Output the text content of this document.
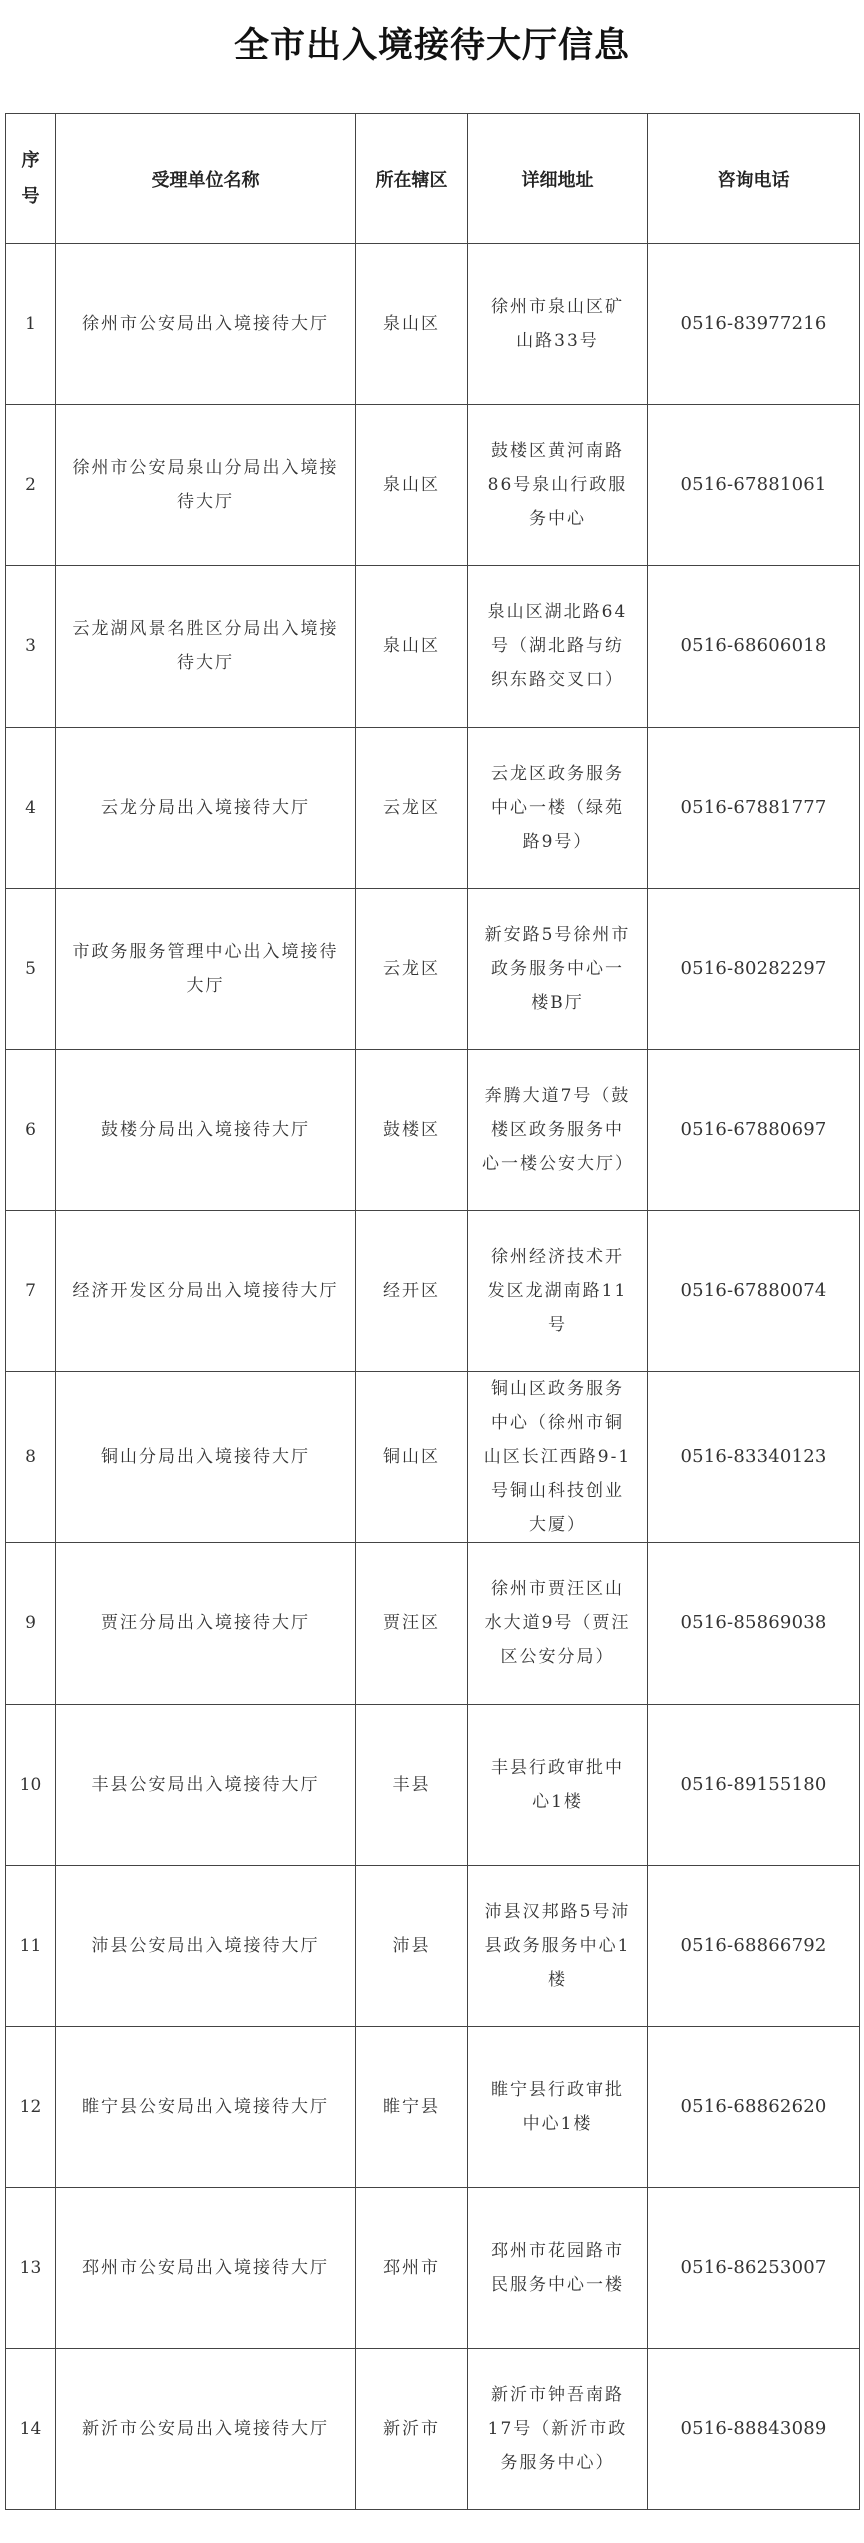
全市出入境接待大厅信息
序
号	受理单位名称	所在辖区	详细地址	咨询电话
1	徐州市公安局出入境接待大厅	泉山区	徐州市泉山区矿山路33号	0516-83977216
2	徐州市公安局泉山分局出入境接待大厅	泉山区	鼓楼区黄河南路86号泉山行政服务中心	0516-67881061
3	云龙湖风景名胜区分局出入境接待大厅	泉山区	泉山区湖北路64号（湖北路与纺织东路交叉口）	0516-68606018
4	云龙分局出入境接待大厅	云龙区	云龙区政务服务中心一楼（绿苑路9号）	0516-67881777
5	市政务服务管理中心出入境接待大厅	云龙区	新安路5号徐州市政务服务中心一楼B厅	0516-80282297
6	鼓楼分局出入境接待大厅	鼓楼区	奔腾大道7号（鼓楼区政务服务中心一楼公安大厅）	0516-67880697
7	经济开发区分局出入境接待大厅	经开区	徐州经济技术开发区龙湖南路11号	0516-67880074
8	铜山分局出入境接待大厅	铜山区	铜山区政务服务中心（徐州市铜山区长江西路9-1号铜山科技创业大厦）	0516-83340123
9	贾汪分局出入境接待大厅	贾汪区	徐州市贾汪区山水大道9号（贾汪区公安分局）	0516-85869038
10	丰县公安局出入境接待大厅	丰县	丰县行政审批中心1楼	0516-89155180
11	沛县公安局出入境接待大厅	沛县	沛县汉邦路5号沛县政务服务中心1楼	0516-68866792
12	睢宁县公安局出入境接待大厅	睢宁县	睢宁县行政审批中心1楼	0516-68862620
13	邳州市公安局出入境接待大厅	邳州市	邳州市花园路市民服务中心一楼	0516-86253007
14	新沂市公安局出入境接待大厅	新沂市	新沂市钟吾南路17号（新沂市政务服务中心）	0516-88843089
